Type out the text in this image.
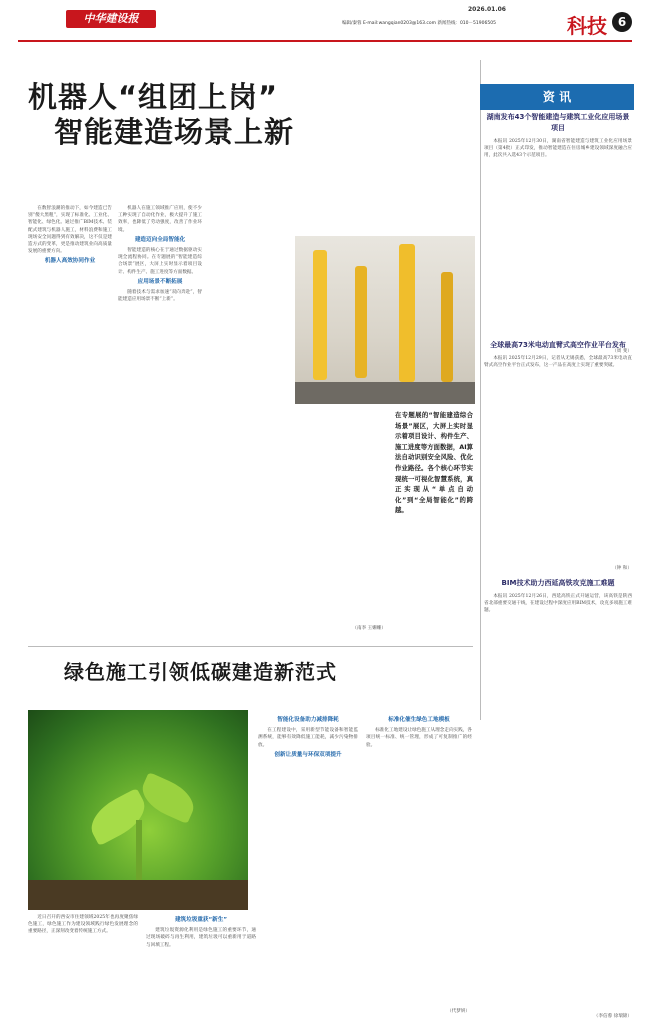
中华建设报
2026.01.06
编辑/秦蓉 E-mail:wangqian0203@163.com 新闻热线：010－51906505	科技 6
机器人“组团上岗”
智能建造场景上新

在数智浪潮的推动下，如今建造已告别“傻大黑粗”，实现了标准化、工业化、智能化、绿色化。通过推广BIM技术、装配式建筑与机器人施工，材料浪费和施工现场安全问题得到有效解决，这不仅是建造方式的变革，更是推动建筑业向高质量发展的重要方向。

机器人高效协同作业

机器人在施工领域推广应用，使不少工种实现了自动化作业，极大提升了施工效率，也降低了劳动强度，改善了作业环境。

建造迈向全局智能化

智能建造的核心在于通过数据驱动实现全流程协同。在专题展的“智能建造综合场景”展区，大屏上实时显示着项目设计、构件生产、施工进度等方面数据。

应用场景不断拓展

随着技术与需求加速“双向奔赴”，智能建造应用场景不断“上新”。

在专题展的“智能建造综合场景”展区，大屏上实时显示着项目设计、构件生产、施工进度等方面数据，AI算法自动识别安全风险、优化作业路径。各个核心环节实现统一可视化智慧系统，真正实现从“单点自动化”到“全局智能化”的跨越。
（南李 王姗姗）
资 讯
湖南发布43个智能建造与建筑工业化应用场景项目

本报讯 2025年12月30日，湖南省智能建造与建筑工业化应用场景项目（第4批）正式印发，推动智能建造在住房城乡建设领域深度融合应用，此次共入选43个示范项目。

（周 斐）
全球最高73米电动直臂式高空作业平台发布

本报讯 2025年12月29日，记者从无锡获悉，全球最高73米电动直臂式高空作业平台正式发布，这一产品在高度上实现了重要突破。

（钟 和）
BIM技术助力西延高铁攻克施工难题

本报讯 2025年12月26日，西延高铁正式开通运营，该高铁是陕西省北部重要交通干线，在建设过程中深度应用BIM技术，攻克多项施工难题。

（李信蓉 徐瑞锦）
绿色施工引领低碳建造新范式

近日召开的西安市住建领域2025年也再度聚焦绿色施工，绿色施工作为建设领域践行绿色发展理念的重要路径，正深刻改变着传统施工方式。

建筑垃圾重获“新生”

建筑垃圾资源化利用是绿色施工的重要环节，通过现场破碎与再生利用，建筑垃圾可以重新用于道路与回填工程。

智能化设备助力减排降耗

在工程建设中，采用新型节能设备和智能监测系统，能够有效降低施工能耗，减少污染物排放。

创新让质量与环保双项提升
标准化催生绿色工地模板

标准化工地建设让绿色施工从理念走向实践，各项目统一标准、统一管理，形成了可复制推广的经验。

（代梦妍）
